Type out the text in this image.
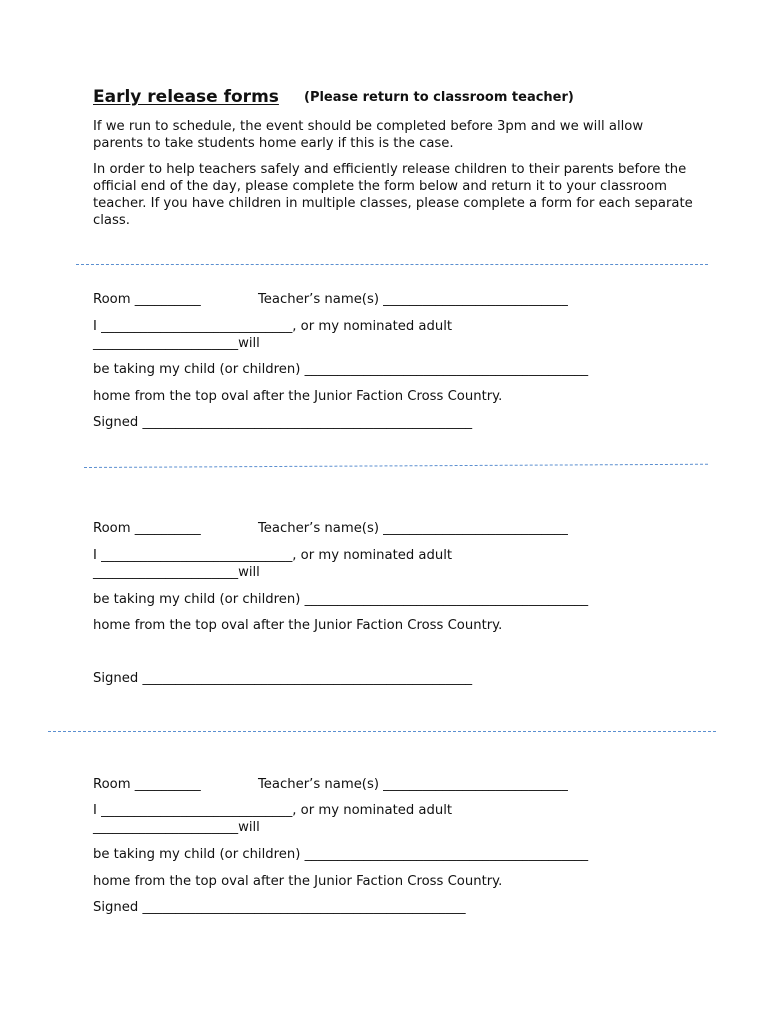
Early release forms (Please return to classroom teacher)
If we run to schedule, the event should be completed before 3pm and we will allow parents to take students home early if this is the case.
In order to help teachers safely and efficiently release children to their parents before the official end of the day, please complete the form below and return it to your classroom teacher. If you have children in multiple classes, please complete a form for each separate class.
Room __________	Teacher’s name(s) ____________________________
I _____________________________, or my nominated adult
______________________will
be taking my child (or children) ___________________________________________
home from the top oval after the Junior Faction Cross Country.
Signed __________________________________________________
Room __________	Teacher’s name(s) ____________________________
I _____________________________, or my nominated adult
______________________will
be taking my child (or children) ___________________________________________
home from the top oval after the Junior Faction Cross Country.
Signed __________________________________________________
Room __________	Teacher’s name(s) ____________________________
I _____________________________, or my nominated adult
______________________will
be taking my child (or children) ___________________________________________
home from the top oval after the Junior Faction Cross Country.
Signed _________________________________________________
